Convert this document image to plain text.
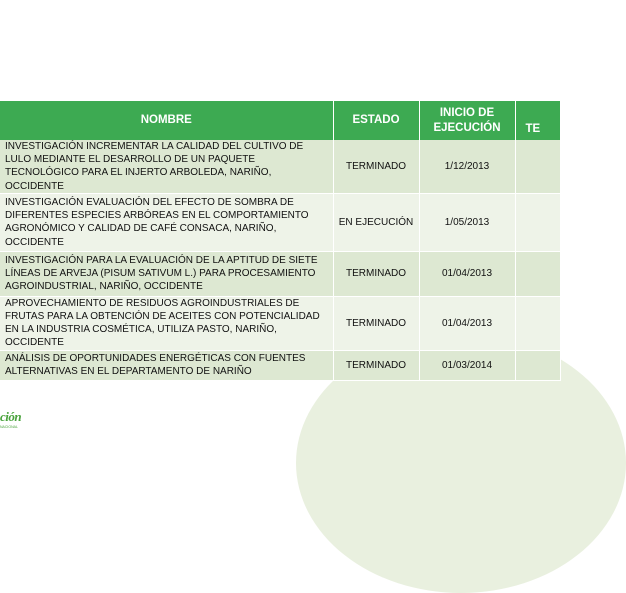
ción
NACIONAL
NOMBRE	ESTADO	INICIO DE EJECUCIÓN	TE
INVESTIGACIÓN INCREMENTAR LA CALIDAD DEL CULTIVO DE LULO MEDIANTE EL DESARROLLO DE UN PAQUETE TECNOLÓGICO PARA EL INJERTO ARBOLEDA, NARIÑO, OCCIDENTE	TERMINADO	1/12/2013	
INVESTIGACIÓN EVALUACIÓN DEL EFECTO DE SOMBRA DE DIFERENTES ESPECIES ARBÓREAS EN EL COMPORTAMIENTO AGRONÓMICO Y CALIDAD DE CAFÉ CONSACA, NARIÑO, OCCIDENTE	EN EJECUCIÓN	1/05/2013	
INVESTIGACIÓN PARA LA EVALUACIÓN DE LA APTITUD DE SIETE LÍNEAS DE ARVEJA (PISUM SATIVUM L.) PARA PROCESAMIENTO AGROINDUSTRIAL, NARIÑO, OCCIDENTE	TERMINADO	01/04/2013	
APROVECHAMIENTO DE RESIDUOS AGROINDUSTRIALES DE FRUTAS PARA LA OBTENCIÓN DE ACEITES CON POTENCIALIDAD EN LA INDUSTRIA COSMÉTICA, UTILIZA PASTO, NARIÑO, OCCIDENTE	TERMINADO	01/04/2013	
ANÁLISIS DE OPORTUNIDADES ENERGÉTICAS CON FUENTES ALTERNATIVAS EN EL DEPARTAMENTO DE NARIÑO	TERMINADO	01/03/2014	
